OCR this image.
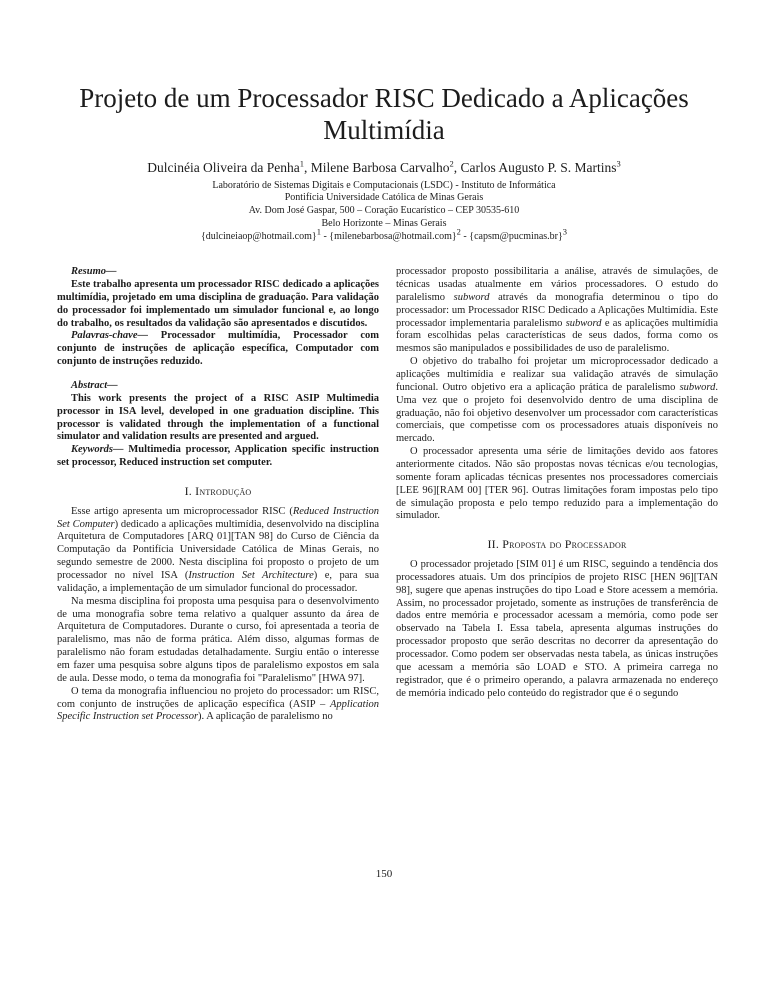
Projeto de um Processador RISC Dedicado a Aplicações Multimídia
Dulcinéia Oliveira da Penha$^1$, Milene Barbosa Carvalho$^2$, Carlos Augusto P. S. Martins$^3$
Laboratório de Sistemas Digitais e Computacionais (LSDC) - Instituto de Informática
Pontifícia Universidade Católica de Minas Gerais
Av. Dom José Gaspar, 500 – Coração Eucarístico – CEP 30535-610
Belo Horizonte – Minas Gerais
{dulcineiaop@hotmail.com}$^1$ - {milenebarbosa@hotmail.com}$^2$ - {capsm@pucminas.br}$^3$

Resumo—

Este trabalho apresenta um processador RISC dedicado a aplicações multimídia, projetado em uma disciplina de graduação. Para validação do processador foi implementado um simulador funcional e, ao longo do trabalho, os resultados da validação são apresentados e discutidos.

Palavras-chave— Processador multimídia, Processador com conjunto de instruções de aplicação específica, Computador com conjunto de instruções reduzido.

Abstract—

This work presents the project of a RISC ASIP Multimedia processor in ISA level, developed in one graduation discipline. This processor is validated through the implementation of a functional simulator and validation results are presented and argued.

Keywords— Multimedia processor, Application specific instruction set processor, Reduced instruction set computer.

I. Introdução

Esse artigo apresenta um microprocessador RISC (Reduced Instruction Set Computer) dedicado a aplicações multimídia, desenvolvido na disciplina Arquitetura de Computadores [ARQ 01][TAN 98] do Curso de Ciência da Computação da Pontifícia Universidade Católica de Minas Gerais, no segundo semestre de 2000. Nesta disciplina foi proposto o projeto de um processador no nível ISA (Instruction Set Architecture) e, para sua validação, a implementação de um simulador funcional do processador.

Na mesma disciplina foi proposta uma pesquisa para o desenvolvimento de uma monografia sobre tema relativo a qualquer assunto da área de Arquitetura de Computadores. Durante o curso, foi apresentada a teoria de paralelismo, mas não de forma prática. Além disso, algumas formas de paralelismo não foram estudadas detalhadamente. Surgiu então o interesse em fazer uma pesquisa sobre alguns tipos de paralelismo expostos em sala de aula. Desse modo, o tema da monografia foi "Paralelismo" [HWA 97].

O tema da monografia influenciou no projeto do processador: um RISC, com conjunto de instruções de aplicação específica (ASIP – Application Specific Instruction set Processor). A aplicação de paralelismo no

processador proposto possibilitaria a análise, através de simulações, de técnicas usadas atualmente em vários processadores. O estudo do paralelismo subword através da monografia determinou o tipo do processador: um Processador RISC Dedicado a Aplicações Multimídia. Este processador implementaria paralelismo subword e as aplicações multimídia foram escolhidas pelas características de seus dados, forma como os mesmos são manipulados e possibilidades de uso de paralelismo.

O objetivo do trabalho foi projetar um microprocessador dedicado a aplicações multimídia e realizar sua validação através de simulação funcional. Outro objetivo era a aplicação prática de paralelismo subword. Uma vez que o projeto foi desenvolvido dentro de uma disciplina de graduação, não foi objetivo desenvolver um processador com características comerciais, que competisse com os processadores atuais disponíveis no mercado.

O processador apresenta uma série de limitações devido aos fatores anteriormente citados. Não são propostas novas técnicas e/ou tecnologias, somente foram aplicadas técnicas presentes nos processadores comerciais [LEE 96][RAM 00] [TER 96]. Outras limitações foram impostas pelo tipo de simulação proposta e pelo tempo reduzido para a implementação do simulador.

II. Proposta do Processador

O processador projetado [SIM 01] é um RISC, seguindo a tendência dos processadores atuais. Um dos princípios de projeto RISC [HEN 96][TAN 98], sugere que apenas instruções do tipo Load e Store acessem a memória. Assim, no processador projetado, somente as instruções de transferência de dados entre memória e processador acessam a memória, como pode ser observado na Tabela I. Essa tabela, apresenta algumas instruções do processador proposto que serão descritas no decorrer da apresentação do processador. Como podem ser observadas nesta tabela, as únicas instruções que acessam a memória são LOAD e STO. A primeira carrega no registrador, que é o primeiro operando, a palavra armazenada no endereço de memória indicado pelo conteúdo do registrador que é o segundo

150
